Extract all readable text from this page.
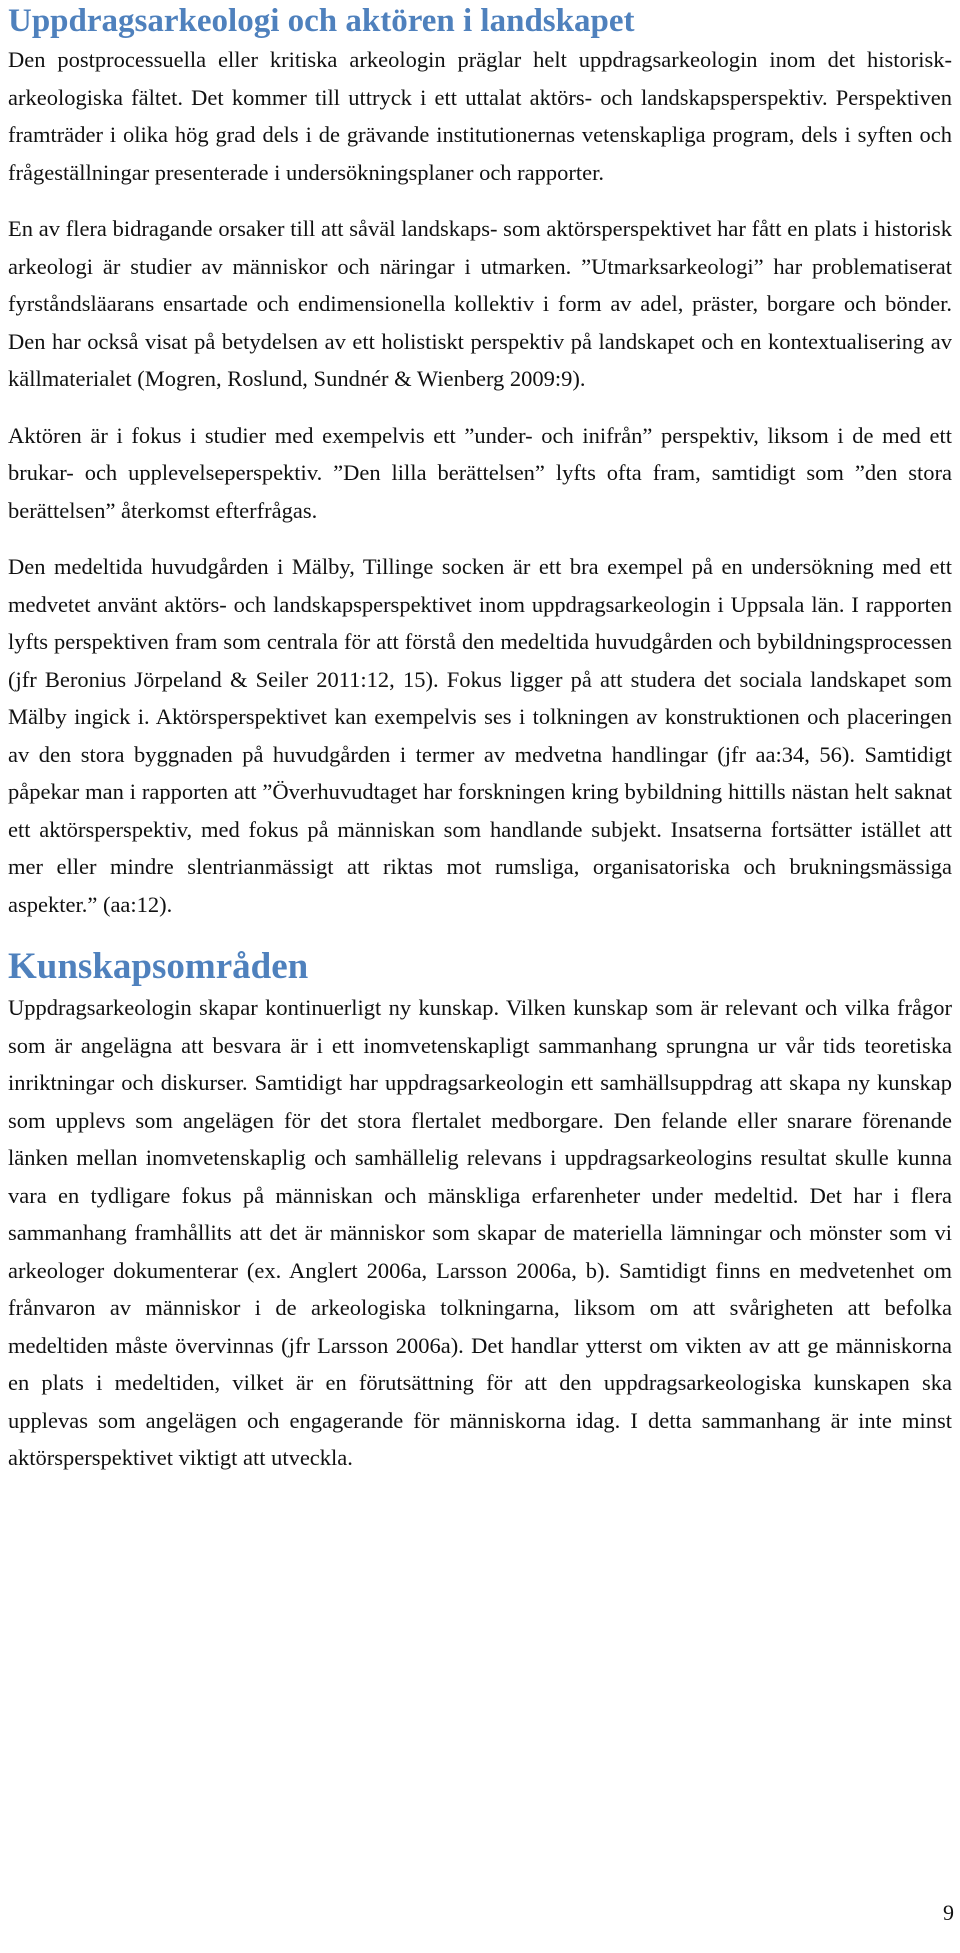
Uppdragsarkeologi och aktören i landskapet

Den postprocessuella eller kritiska arkeologin präglar helt uppdragsarkeologin inom det historisk- arkeologiska fältet. Det kommer till uttryck i ett uttalat aktörs- och landskapsperspektiv. Perspektiven framträder i olika hög grad dels i de grävande institutionernas vetenskapliga program, dels i syften och frågeställningar presenterade i undersökningsplaner och rapporter.

En av flera bidragande orsaker till att såväl landskaps- som aktörsperspektivet har fått en plats i historisk arkeologi är studier av människor och näringar i utmarken. ”Utmarksarkeologi” har problematiserat fyrståndsläarans ensartade och endimensionella kollektiv i form av adel, präster, borgare och bönder. Den har också visat på betydelsen av ett holistiskt perspektiv på landskapet och en kontextualisering av källmaterialet (Mogren, Roslund, Sundnér & Wienberg 2009:9).

Aktören är i fokus i studier med exempelvis ett ”under- och inifrån” perspektiv, liksom i de med ett brukar- och upplevelseperspektiv. ”Den lilla berättelsen” lyfts ofta fram, samtidigt som ”den stora berättelsen” återkomst efterfrågas.

Den medeltida huvudgården i Mälby, Tillinge socken är ett bra exempel på en undersökning med ett medvetet använt aktörs- och landskapsperspektivet inom uppdragsarkeologin i Uppsala län. I rapporten lyfts perspektiven fram som centrala för att förstå den medeltida huvudgården och bybildningsprocessen (jfr Beronius Jörpeland & Seiler 2011:12, 15). Fokus ligger på att studera det sociala landskapet som Mälby ingick i. Aktörsperspektivet kan exempelvis ses i tolkningen av konstruktionen och placeringen av den stora byggnaden på huvudgården i termer av medvetna handlingar (jfr aa:34, 56). Samtidigt påpekar man i rapporten att ”Överhuvudtaget har forskningen kring bybildning hittills nästan helt saknat ett aktörsperspektiv, med fokus på människan som handlande subjekt. Insatserna fortsätter istället att mer eller mindre slentrianmässigt att riktas mot rumsliga, organisatoriska och brukningsmässiga aspekter.” (aa:12).

Kunskapsområden

Uppdragsarkeologin skapar kontinuerligt ny kunskap. Vilken kunskap som är relevant och vilka frågor som är angelägna att besvara är i ett inomvetenskapligt sammanhang sprungna ur vår tids teoretiska inriktningar och diskurser. Samtidigt har uppdragsarkeologin ett samhällsuppdrag att skapa ny kunskap som upplevs som angelägen för det stora flertalet medborgare. Den felande eller snarare förenande länken mellan inomvetenskaplig och samhällelig relevans i uppdragsarkeologins resultat skulle kunna vara en tydligare fokus på människan och mänskliga erfarenheter under medeltid. Det har i flera sammanhang framhållits att det är människor som skapar de materiella lämningar och mönster som vi arkeologer dokumenterar (ex. Anglert 2006a, Larsson 2006a, b). Samtidigt finns en medvetenhet om frånvaron av människor i de arkeologiska tolkningarna, liksom om att svårigheten att befolka medeltiden måste övervinnas (jfr Larsson 2006a). Det handlar ytterst om vikten av att ge människorna en plats i medeltiden, vilket är en förutsättning för att den uppdragsarkeologiska kunskapen ska upplevas som angelägen och engagerande för människorna idag. I detta sammanhang är inte minst aktörsperspektivet viktigt att utveckla.

9
